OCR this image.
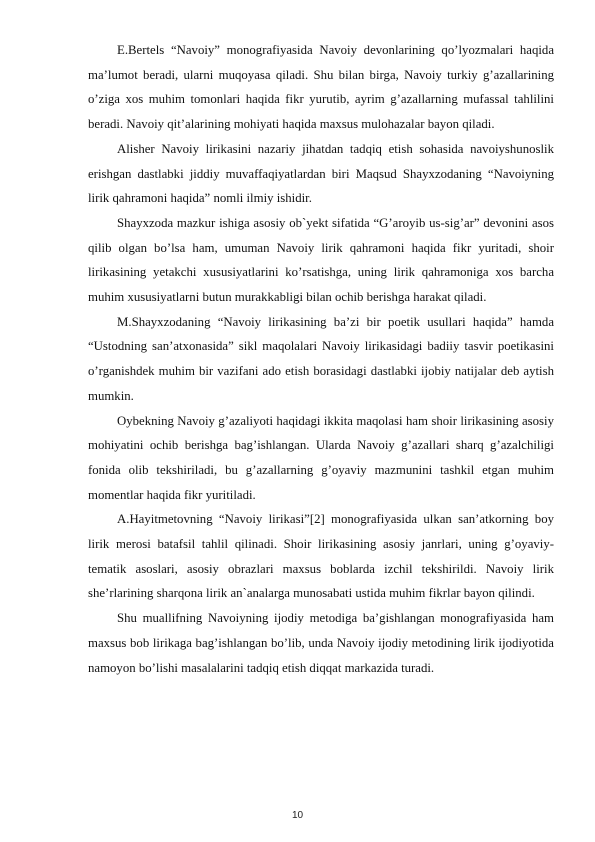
E.Bertels “Navoiy” monografiyasida Navoiy devonlarining qo’lyozmalari haqida ma’lumot beradi, ularni muqoyasa qiladi. Shu bilan birga, Navoiy turkiy g’azallarining o’ziga xos muhim tomonlari haqida fikr yurutib, ayrim g’azallarning mufassal tahlilini beradi. Navoiy qit’alarining mohiyati haqida maxsus mulohazalar bayon qiladi.

Alisher Navoiy lirikasini nazariy jihatdan tadqiq etish sohasida navoiyshunoslik erishgan dastlabki jiddiy muvaffaqiyatlardan biri Maqsud Shayxzodaning “Navoiyning lirik qahramoni haqida” nomli ilmiy ishidir.

Shayxzoda mazkur ishiga asosiy ob`yekt sifatida “G’aroyib us-sig’ar” devonini asos qilib olgan bo’lsa ham, umuman Navoiy lirik qahramoni haqida fikr yuritadi, shoir lirikasining yetakchi xususiyatlarini ko’rsatishga, uning lirik qahramoniga xos barcha muhim xususiyatlarni butun murakkabligi bilan ochib berishga harakat qiladi.

M.Shayxzodaning “Navoiy lirikasining ba’zi bir poetik usullari haqida” hamda “Ustodning san’atxonasida” sikl maqolalari Navoiy lirikasidagi badiiy tasvir poetikasini o’rganishdek muhim bir vazifani ado etish borasidagi dastlabki ijobiy natijalar deb aytish mumkin.

Oybekning Navoiy g’azaliyoti haqidagi ikkita maqolasi ham shoir lirikasining asosiy mohiyatini ochib berishga bag’ishlangan. Ularda Navoiy g’azallari sharq g’azalchiligi fonida olib tekshiriladi, bu g’azallarning g’oyaviy mazmunini tashkil etgan muhim momentlar haqida fikr yuritiladi.

A.Hayitmetovning “Navoiy lirikasi”[2] monografiyasida ulkan san’atkorning boy lirik merosi batafsil tahlil qilinadi. Shoir lirikasining asosiy janrlari, uning g’oyaviy-tematik asoslari, asosiy obrazlari maxsus boblarda izchil tekshirildi. Navoiy lirik she’rlarining sharqona lirik an`analarga munosabati ustida muhim fikrlar bayon qilindi.

Shu muallifning Navoiyning ijodiy metodiga ba’gishlangan monografiyasida ham maxsus bob lirikaga bag’ishlangan bo’lib, unda Navoiy ijodiy metodining lirik ijodiyotida namoyon bo’lishi masalalarini tadqiq etish diqqat markazida turadi.

10
